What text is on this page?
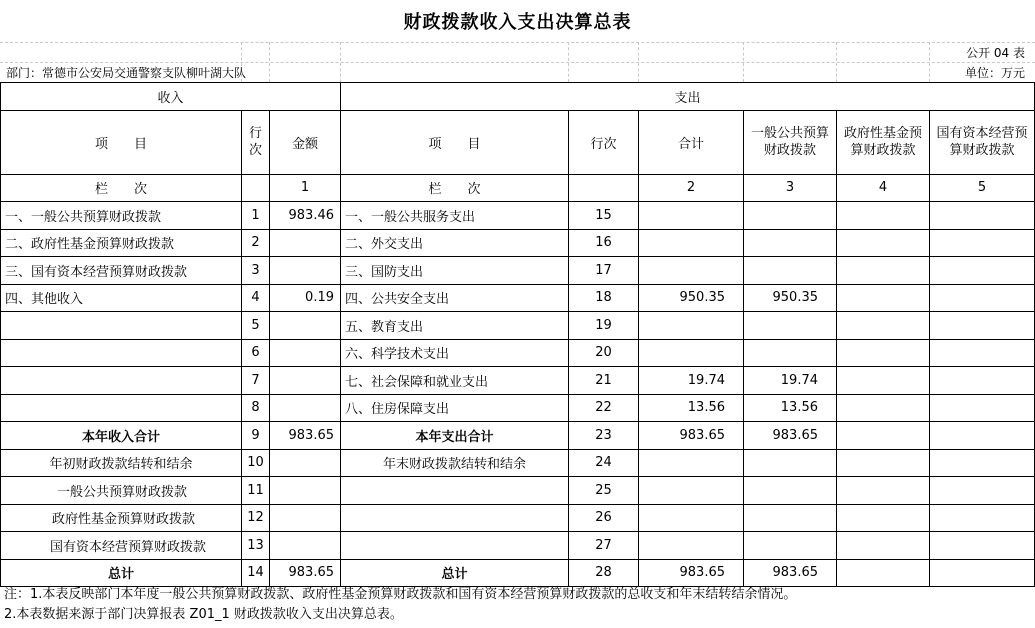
财政拨款收入支出决算总表
公开 04 表
部门：常德市公安局交通警察支队柳叶湖大队	单位：万元
收入			支出					
项　　目	行次	金额	项　　目	行次	合计	一般公共预算财政拨款	政府性基金预算财政拨款	国有资本经营预算财政拨款
栏　　次		1	栏　　次		2	3	4	5
一、一般公共预算财政拨款	1	983.46	一、一般公共服务支出	15				
二、政府性基金预算财政拨款	2		二、外交支出	16				
三、国有资本经营预算财政拨款	3		三、国防支出	17				
四、其他收入	4	0.19	四、公共安全支出	18	950.35	950.35		
	5		五、教育支出	19				
	6		六、科学技术支出	20				
	7		七、社会保障和就业支出	21	19.74	19.74		
	8		八、住房保障支出	22	13.56	13.56		
本年收入合计	9	983.65	本年支出合计	23	983.65	983.65		
年初财政拨款结转和结余	10		年末财政拨款结转和结余	24				
一般公共预算财政拨款	11			25				
政府性基金预算财政拨款	12			26				
国有资本经营预算财政拨款	13			27				
总计	14	983.65	总计	28	983.65	983.65		
注：1.本表反映部门本年度一般公共预算财政拨款、政府性基金预算财政拨款和国有资本经营预算财政拨款的总收支和年末结转结余情况。
2.本表数据来源于部门决算报表 Z01_1 财政拨款收入支出决算总表。
